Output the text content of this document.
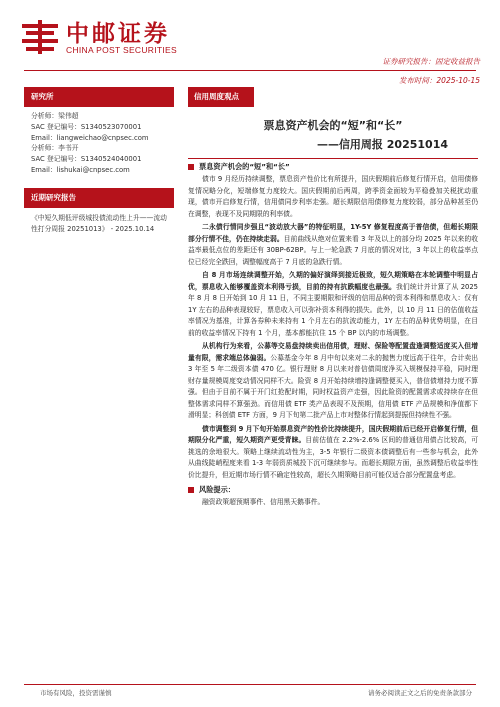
中邮证券
CHINA POST SECURITIES
证券研究报告：固定收益报告
发布时间：2025-10-15
研究所
分析师：梁伟超
SAC 登记编号：S1340523070001
Email：liangweichao@cnpsec.com
分析师：李书开
SAC 登记编号：S1340524040001
Email：lishukai@cnpsec.com
近期研究报告
《中短久期低评级城投债流动性上升——流动性打分周报 20251013》 - 2025.10.14
信用周度观点
票息资产机会的“短”和“长”
——信用周报 20251014
票息资产机会的“短”和“长”
债市 9 月经历持续调整，票息资产性价比有所提升，国庆假期前后修复行情开启，信用债修复情况略分化，短端修复力度较大。国庆假期前后两周，跨季资金面较为平稳叠加关税扰动重现，债市开启修复行情，信用债同步利率走强。超长期限信用债修复力度较弱，部分品种甚至仍在调整，表现不及同期限的利率债。
二永债行情同步强且“波动放大器”的特征明显，1Y-5Y 修复程度高于普信债，但超长期限部分行情不佳，仍在持续走弱。目前曲线从绝对位置来看 3 年及以上的部分均 2025 年以来的收益率最低点位的差距还有 30BP-62BP。与上一轮急跌 7 月底的情况对比，3 年以上的收益率点位已经完全跌回，调整幅度高于 7 月底的急跌行情。
自 8 月市场连续调整开始，久期的偏好演绎到接近极致，短久期策略在本轮调整中明显占优，票息收入能够覆盖资本利得亏损，目前的持有抗跌幅度也最强。我们统计并计算了从 2025 年 8 月 8 日开始到 10 月 11 日，不同主要期限和评级的信用品种的资本利得和票息收入：仅有 1Y 左右的品种表现较好，票息收入可以弥补资本利得的损失。此外，以 10 月 11 日的估值收益率情况为基准，计算各券种未来持有 1 个月左右的抗波动能力，1Y 左右的品种优势明显，在目前的收益率情况下持有 1 个月，基本都能抗住 15 个 BP 以内的市场调整。
从机构行为来看，公募等交易盘持续卖出信用债，理财、保险等配置盘逢调整适度买入但增量有限，需求端总体偏弱。公募基金今年 8 月中旬以来对二永的抛售力度远高于往年，合计卖出 3 年至 5 年二级资本债 470 亿。银行理财 8 月以来对普信债周度净买入规模保持平稳，同时理财存量规模周度变动情况同样不大。险资 8 月开始持续增持逢调整便买入，普信债增持力度不算强。但由于目前不属于开门红抢配时期，同时权益资产走强，因此险资的配置需求或持续存在但整体需求同样不算强劲。而信用债 ETF 类产品表现不及预期，信用债 ETF 产品规模和净值都下滑明显；科创债 ETF 方面，9 月下旬第二批产品上市对整体行情起到提振但持续性不强。
债市调整到 9 月下旬开始票息资产的性价比持续提升，国庆假期前后已经开启修复行情，但期限分化严重，短久期资产更受青睐。目前估值在 2.2%-2.6% 区间的普通信用债占比较高，可挑选的余地很大。策略上继续流动性为主，3-5 年银行二级资本债调整后有一些参与机会，此外从曲线陡峭程度来看 1-3 年弱资质城投下沉可继续参与。而超长期限方面，虽然调整后收益率性价比提升，但近期市场行情不确定性较高，超长久期策略目前可能仅适合部分配置盘考虑。
风险提示：
融资政策超预期事件、信用黑天鹅事件。
市场有风险，投资需谨慎	请务必阅读正文之后的免责条款部分
